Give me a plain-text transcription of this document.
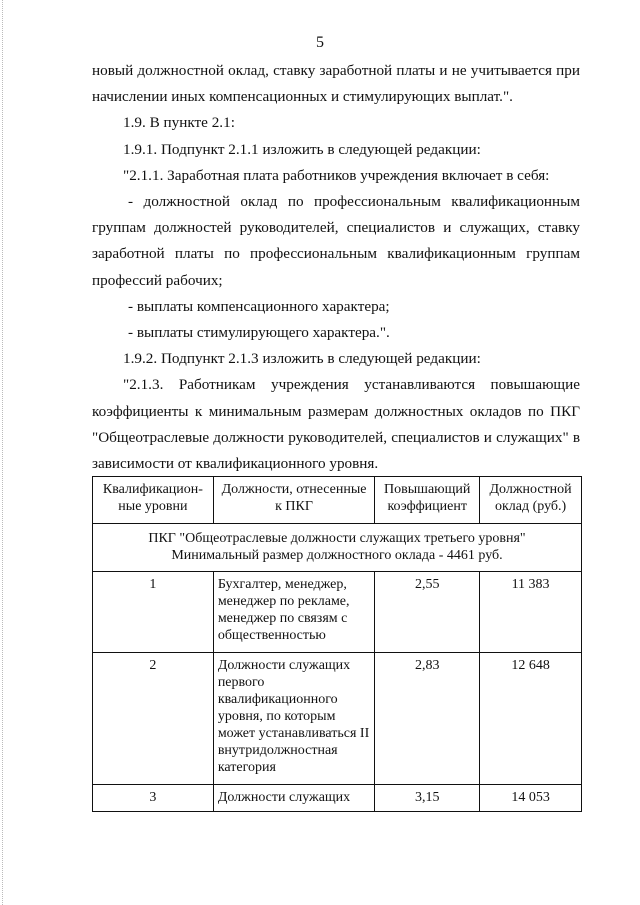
5

новый должностной оклад, ставку заработной платы и не учитывается при начислении иных компенсационных и стимулирующих выплат.".

1.9. В пункте 2.1:

1.9.1. Подпункт 2.1.1 изложить в следующей редакции:

"2.1.1. Заработная плата работников учреждения включает в себя:

- должностной оклад по профессиональным квалификационным группам должностей руководителей, специалистов и служащих, ставку заработной платы по профессиональным квалификационным группам профессий рабочих;

- выплаты компенсационного характера;

- выплаты стимулирующего характера.".

1.9.2. Подпункт 2.1.3 изложить в следующей редакции:

"2.1.3. Работникам учреждения устанавливаются повышающие коэффициенты к минимальным размерам должностных окладов по ПКГ "Общеотраслевые должности руководителей, специалистов и служащих" в зависимости от квалификационного уровня.

Квалификацион-ные уровни	Должности, отнесенные к ПКГ	Повышающий коэффициент	Должностной оклад (руб.)

ПКГ "Общеотраслевые должности служащих третьего уровня"
Минимальный размер должностного оклада - 4461 руб.			

1	Бухгалтер, менеджер, менеджер по рекламе, менеджер по связям с общественностью	2,55	11 383
2	Должности служащих первого квалификационного уровня, по которым может устанавливаться II внутридолжностная категория	2,83	12 648
3	Должности служащих	3,15	14 053
